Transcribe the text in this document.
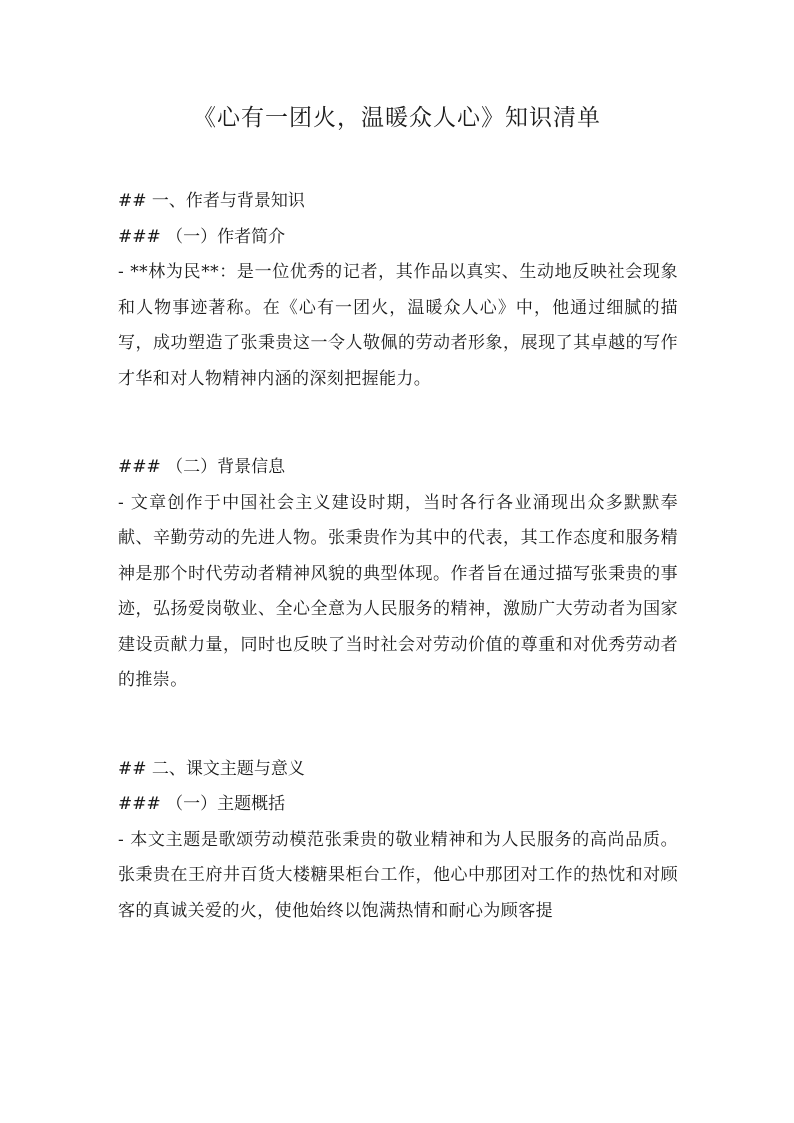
《心有一团火，温暖众人心》知识清单
## 一、作者与背景知识
### （一）作者简介

- **林为民**：是一位优秀的记者，其作品以真实、生动地反映社会现象和人物事迹著称。在《心有一团火，温暖众人心》中，他通过细腻的描写，成功塑造了张秉贵这一令人敬佩的劳动者形象，展现了其卓越的写作才华和对人物精神内涵的深刻把握能力。

### （二）背景信息

- 文章创作于中国社会主义建设时期，当时各行各业涌现出众多默默奉献、辛勤劳动的先进人物。张秉贵作为其中的代表，其工作态度和服务精神是那个时代劳动者精神风貌的典型体现。作者旨在通过描写张秉贵的事迹，弘扬爱岗敬业、全心全意为人民服务的精神，激励广大劳动者为国家建设贡献力量，同时也反映了当时社会对劳动价值的尊重和对优秀劳动者的推崇。

## 二、课文主题与意义
### （一）主题概括

- 本文主题是歌颂劳动模范张秉贵的敬业精神和为人民服务的高尚品质。张秉贵在王府井百货大楼糖果柜台工作，他心中那团对工作的热忱和对顾客的真诚关爱的火，使他始终以饱满热情和耐心为顾客提
